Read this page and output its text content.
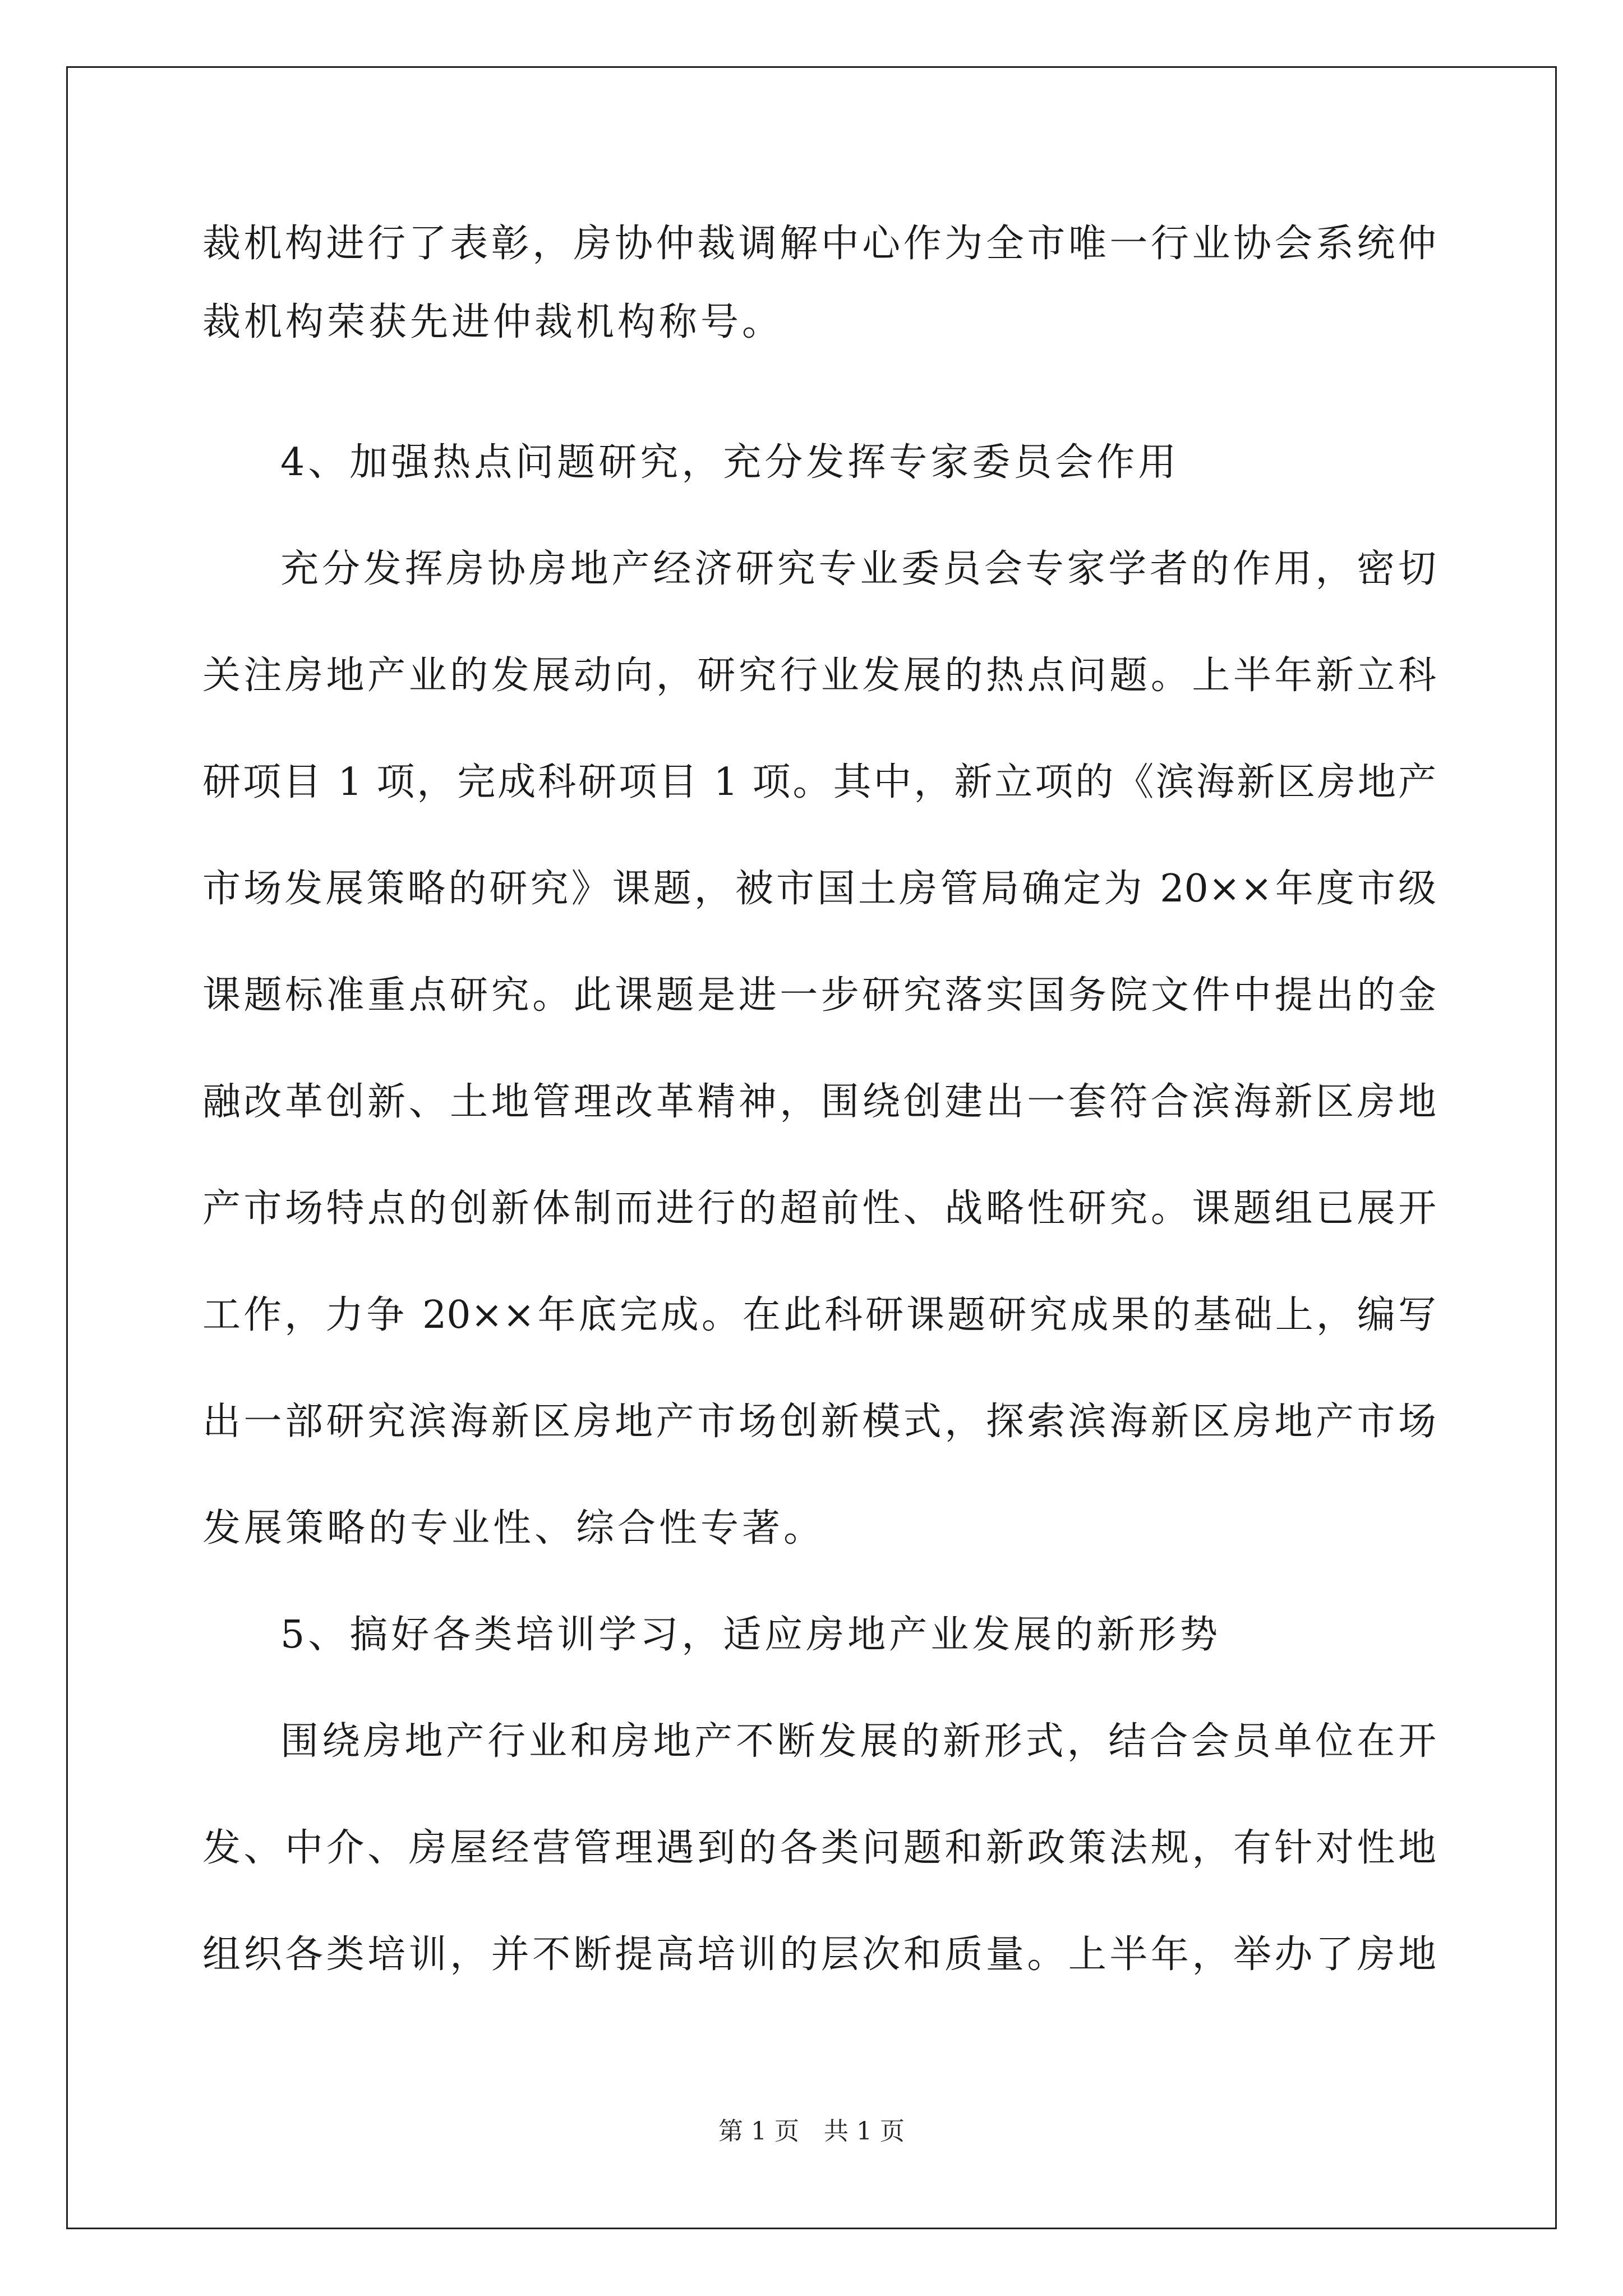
裁机构进行了表彰，房协仲裁调解中心作为全市唯一行业协会系统仲
裁机构荣获先进仲裁机构称号。
4、加强热点问题研究，充分发挥专家委员会作用
充分发挥房协房地产经济研究专业委员会专家学者的作用，密切
关注房地产业的发展动向，研究行业发展的热点问题。上半年新立科
研项目 1 项，完成科研项目 1 项。其中，新立项的《滨海新区房地产
市场发展策略的研究》课题，被市国土房管局确定为 20××年度市级
课题标准重点研究。此课题是进一步研究落实国务院文件中提出的金
融改革创新、土地管理改革精神，围绕创建出一套符合滨海新区房地
产市场特点的创新体制而进行的超前性、战略性研究。课题组已展开
工作，力争 20××年底完成。在此科研课题研究成果的基础上，编写
出一部研究滨海新区房地产市场创新模式，探索滨海新区房地产市场
发展策略的专业性、综合性专著。
5、搞好各类培训学习，适应房地产业发展的新形势
围绕房地产行业和房地产不断发展的新形式，结合会员单位在开
发、中介、房屋经营管理遇到的各类问题和新政策法规，有针对性地
组织各类培训，并不断提高培训的层次和质量。上半年，举办了房地
第 1 页　共 1 页
